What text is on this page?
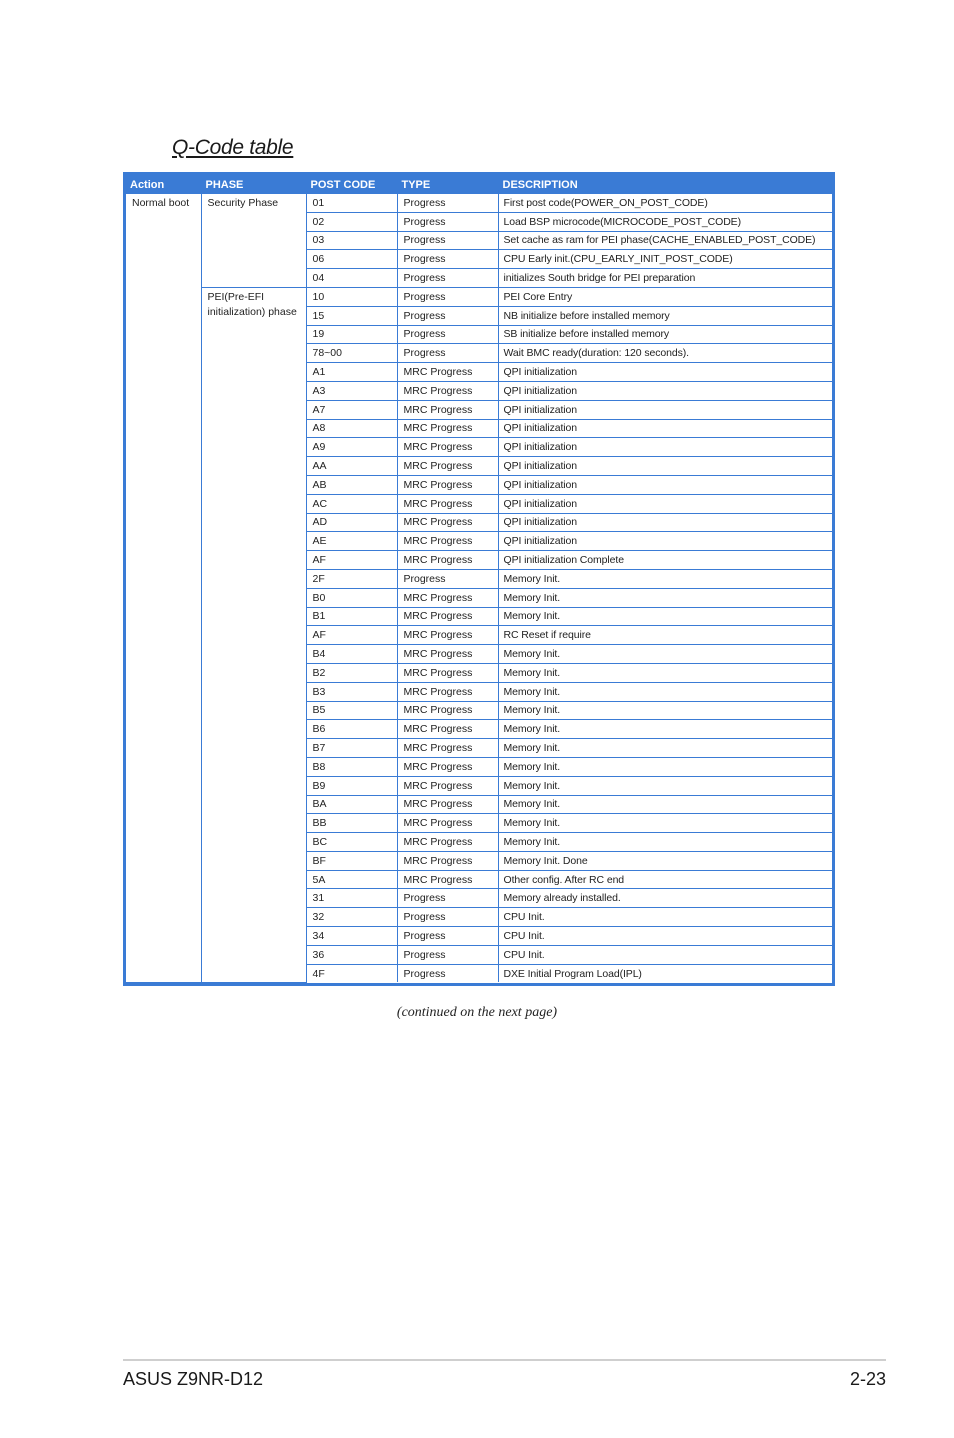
Q-Code table
Action	PHASE	POST CODE	TYPE	DESCRIPTION
Normal boot	Security Phase	01	Progress	First post code(POWER_ON_POST_CODE)
		02	Progress	Load BSP microcode(MICROCODE_POST_CODE)
		03	Progress	Set cache as ram for PEI phase(CACHE_ENABLED_POST_CODE)
		06	Progress	CPU Early init.(CPU_EARLY_INIT_POST_CODE)
		04	Progress	initializes South bridge for PEI preparation
	PEI(Pre-EFI initialization) phase	10	Progress	PEI Core Entry
		15	Progress	NB initialize before installed memory
		19	Progress	SB initialize before installed memory
		78~00	Progress	Wait BMC ready(duration: 120 seconds).
		A1	MRC Progress	QPI initialization
		A3	MRC Progress	QPI initialization
		A7	MRC Progress	QPI initialization
		A8	MRC Progress	QPI initialization
		A9	MRC Progress	QPI initialization
		AA	MRC Progress	QPI initialization
		AB	MRC Progress	QPI initialization
		AC	MRC Progress	QPI initialization
		AD	MRC Progress	QPI initialization
		AE	MRC Progress	QPI initialization
		AF	MRC Progress	QPI initialization Complete
		2F	Progress	Memory Init.
		B0	MRC Progress	Memory Init.
		B1	MRC Progress	Memory Init.
		AF	MRC Progress	RC Reset if require
		B4	MRC Progress	Memory Init.
		B2	MRC Progress	Memory Init.
		B3	MRC Progress	Memory Init.
		B5	MRC Progress	Memory Init.
		B6	MRC Progress	Memory Init.
		B7	MRC Progress	Memory Init.
		B8	MRC Progress	Memory Init.
		B9	MRC Progress	Memory Init.
		BA	MRC Progress	Memory Init.
		BB	MRC Progress	Memory Init.
		BC	MRC Progress	Memory Init.
		BF	MRC Progress	Memory Init. Done
		5A	MRC Progress	Other config. After RC end
		31	Progress	Memory already installed.
		32	Progress	CPU Init.
		34	Progress	CPU Init.
		36	Progress	CPU Init.
		4F	Progress	DXE Initial Program Load(IPL)
(continued on the next page)
ASUS Z9NR-D12	2-23
